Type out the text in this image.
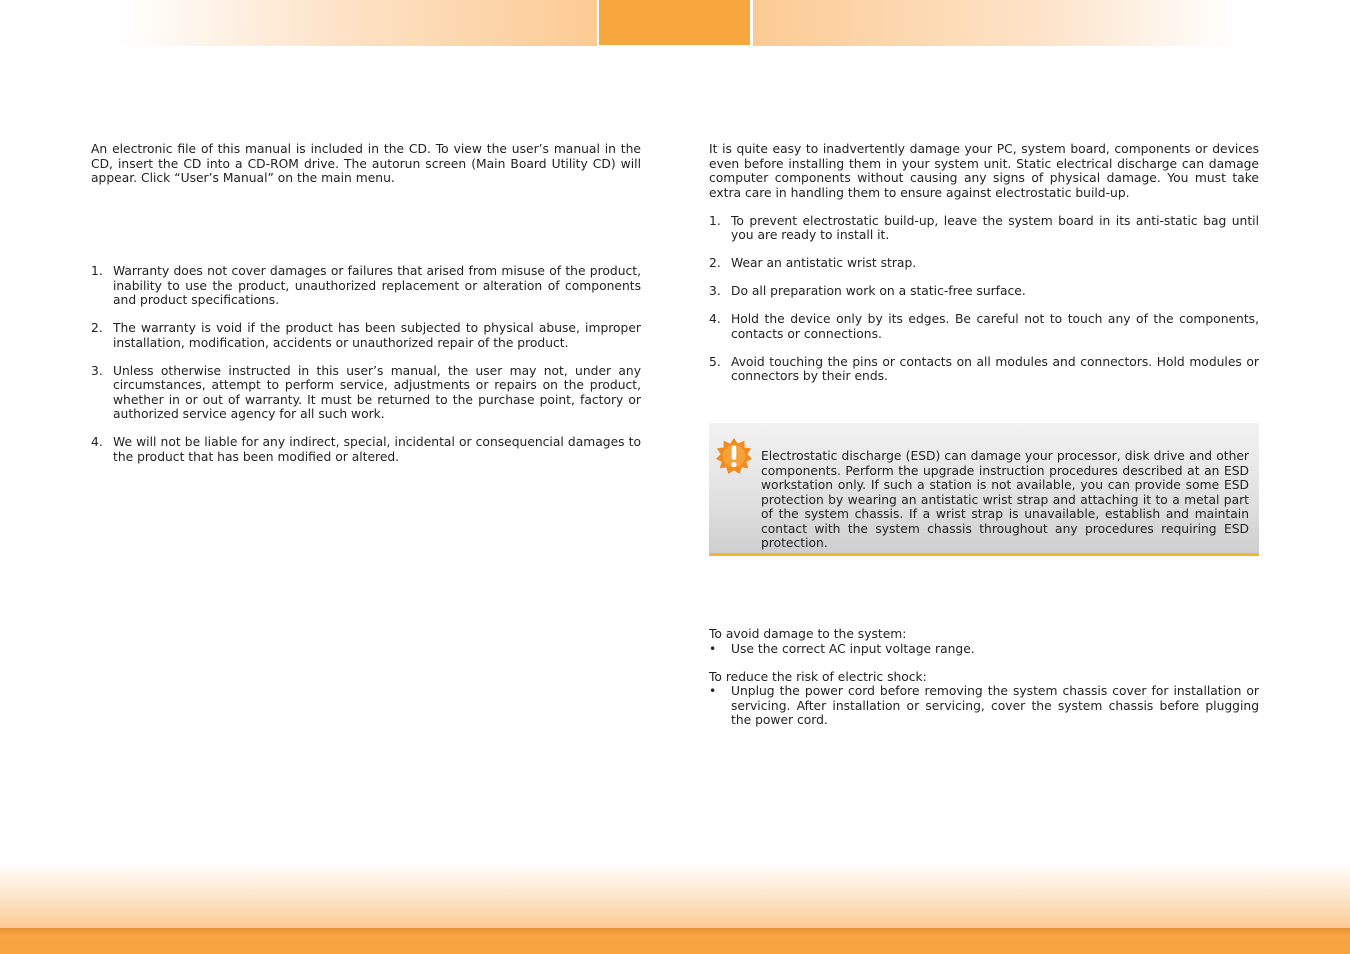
An electronic file of this manual is included in the CD. To view the user’s manual in the CD, insert the CD into a CD-ROM drive. The autorun screen (Main Board Utility CD) will appear. Click “User’s Manual” on the main menu.

1. Warranty does not cover damages or failures that arised from misuse of the product, inability to use the product, unauthorized replacement or alteration of components and product specifications.
2. The warranty is void if the product has been subjected to physical abuse, improper installation, modification, accidents or unauthorized repair of the product.
3. Unless otherwise instructed in this user’s manual, the user may not, under any circumstances, attempt to perform service, adjustments or repairs on the product, whether in or out of warranty. It must be returned to the purchase point, factory or authorized service agency for all such work.
4. We will not be liable for any indirect, special, incidental or consequencial damages to the product that has been modified or altered.

It is quite easy to inadvertently damage your PC, system board, components or devices even before installing them in your system unit. Static electrical discharge can damage computer components without causing any signs of physical damage. You must take extra care in handling them to ensure against electrostatic build-up.

1. To prevent electrostatic build-up, leave the system board in its anti-static bag until you are ready to install it.
2. Wear an antistatic wrist strap.
3. Do all preparation work on a static-free surface.
4. Hold the device only by its edges. Be careful not to touch any of the components, contacts or connections.
5. Avoid touching the pins or contacts on all modules and connectors. Hold modules or connectors by their ends.
Electrostatic discharge (ESD) can damage your processor, disk drive and other components. Perform the upgrade instruction procedures described at an ESD workstation only. If such a station is not available, you can provide some ESD protection by wearing an antistatic wrist strap and attaching it to a metal part of the system chassis. If a wrist strap is unavailable, establish and maintain contact with the system chassis throughout any procedures requiring ESD protection.

To avoid damage to the system:

• Use the correct AC input voltage range.

To reduce the risk of electric shock:

• Unplug the power cord before removing the system chassis cover for installation or servicing. After installation or servicing, cover the system chassis before plugging the power cord.
